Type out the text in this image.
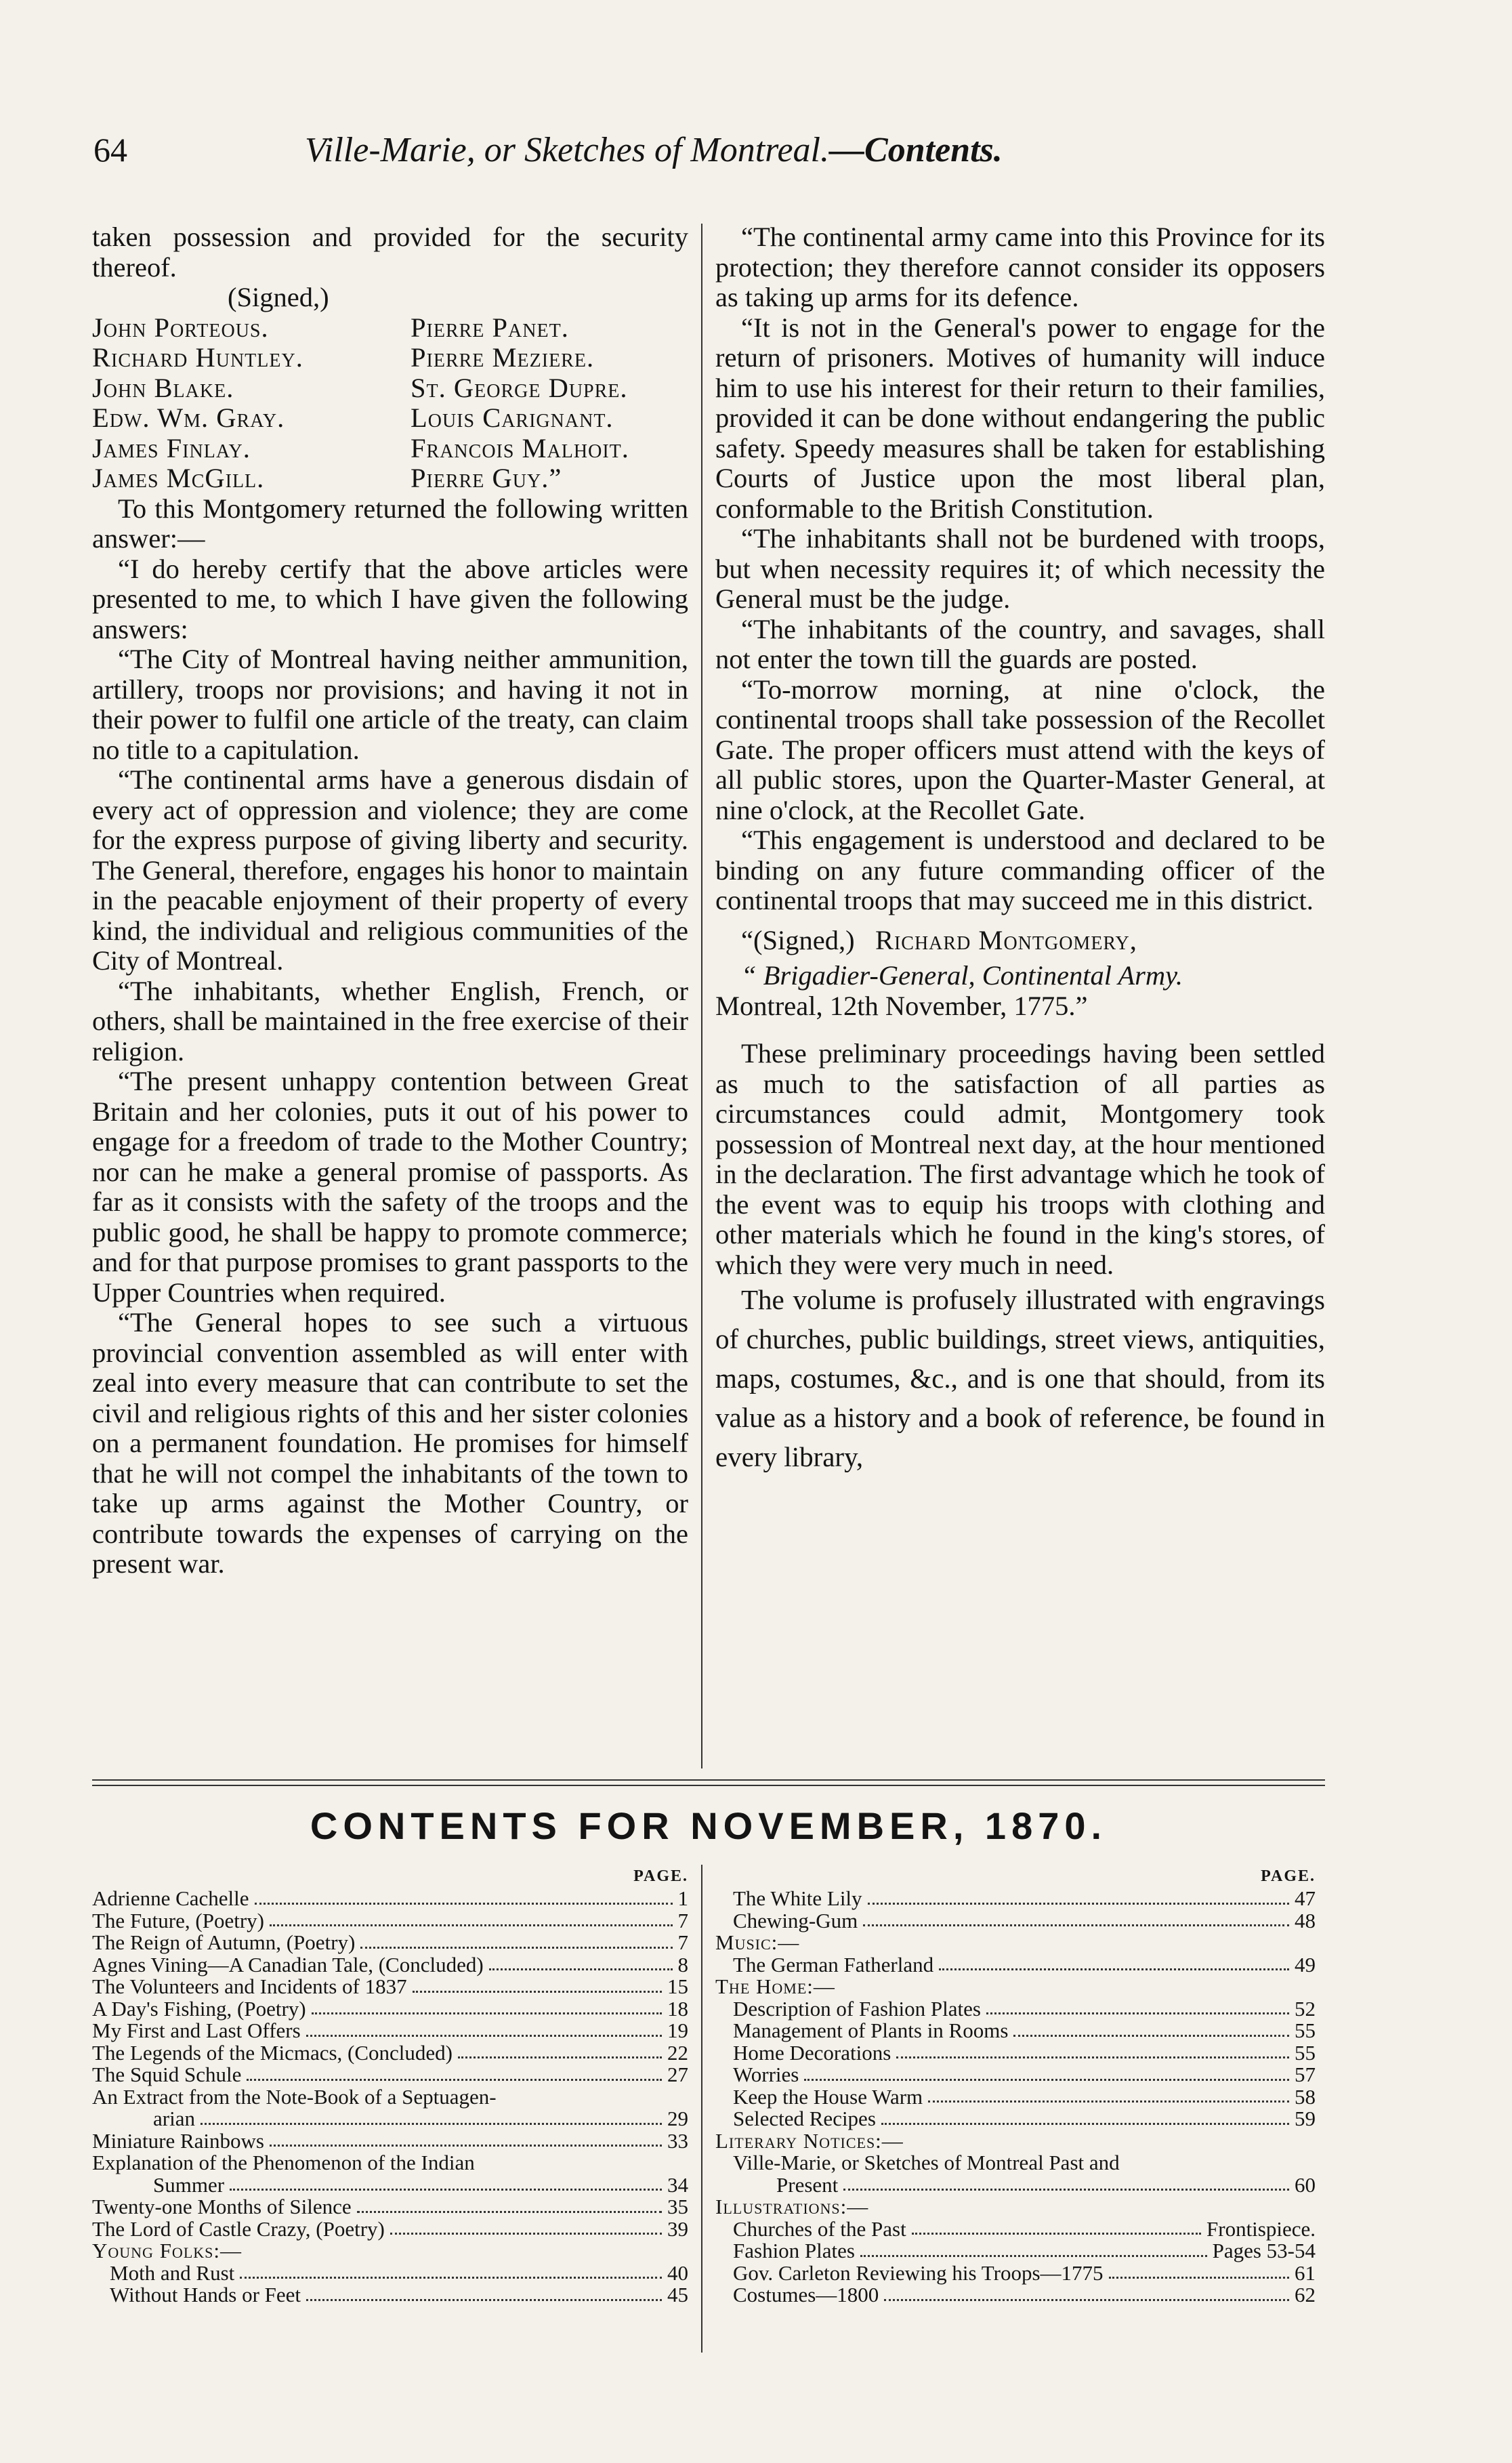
64	Ville-Marie, or Sketches of Montreal.—Contents.

taken possession and provided for the security thereof.

(Signed,)

John Porteous.	Pierre Panet.
Richard Huntley.	Pierre Meziere.
John Blake.	St. George Dupre.
Edw. Wm. Gray.	Louis Carignant.
James Finlay.	Francois Malhoit.
James McGill.	Pierre Guy.”

To this Montgomery returned the following written answer:—

“I do hereby certify that the above articles were presented to me, to which I have given the following answers:

“The City of Montreal having neither ammunition, artillery, troops nor provisions; and having it not in their power to fulfil one article of the treaty, can claim no title to a capitulation.

“The continental arms have a generous disdain of every act of oppression and violence; they are come for the express purpose of giving liberty and security. The General, therefore, engages his honor to maintain in the peacable enjoyment of their property of every kind, the individual and religious communities of the City of Montreal.

“The inhabitants, whether English, French, or others, shall be maintained in the free exercise of their religion.

“The present unhappy contention between Great Britain and her colonies, puts it out of his power to engage for a freedom of trade to the Mother Country; nor can he make a general promise of passports. As far as it consists with the safety of the troops and the public good, he shall be happy to promote commerce; and for that purpose promises to grant passports to the Upper Countries when required.

“The General hopes to see such a virtuous provincial convention assembled as will enter with zeal into every measure that can contribute to set the civil and religious rights of this and her sister colonies on a permanent foundation. He promises for himself that he will not compel the inhabitants of the town to take up arms against the Mother Country, or contribute towards the expenses of carrying on the present war.

“The continental army came into this Province for its protection; they therefore cannot consider its opposers as taking up arms for its defence.

“It is not in the General's power to engage for the return of prisoners. Motives of humanity will induce him to use his interest for their return to their families, provided it can be done without endangering the public safety. Speedy measures shall be taken for establishing Courts of Justice upon the most liberal plan, conformable to the British Constitution.

“The inhabitants shall not be burdened with troops, but when necessity requires it; of which necessity the General must be the judge.

“The inhabitants of the country, and savages, shall not enter the town till the guards are posted.

“To-morrow morning, at nine o'clock, the continental troops shall take possession of the Recollet Gate. The proper officers must attend with the keys of all public stores, upon the Quarter-Master General, at nine o'clock, at the Recollet Gate.

“This engagement is understood and declared to be binding on any future commanding officer of the continental troops that may succeed me in this district.

“(Signed,) Richard Montgomery,

“ Brigadier-General, Continental Army.

Montreal, 12th November, 1775.”

These preliminary proceedings having been settled as much to the satisfaction of all parties as circumstances could admit, Montgomery took possession of Montreal next day, at the hour mentioned in the declaration. The first advantage which he took of the event was to equip his troops with clothing and other materials which he found in the king's stores, of which they were very much in need.

The volume is profusely illustrated with engravings of churches, public buildings, street views, antiquities, maps, costumes, &c., and is one that should, from its value as a history and a book of reference, be found in every library,

CONTENTS FOR NOVEMBER, 1870.
PAGE.
Adrienne Cachelle	1
The Future, (Poetry)	7
The Reign of Autumn, (Poetry)	7
Agnes Vining—A Canadian Tale, (Concluded)	8
The Volunteers and Incidents of 1837	15
A Day's Fishing, (Poetry)	18
My First and Last Offers	19
The Legends of the Micmacs, (Concluded)	22
The Squid Schule	27
An Extract from the Note-Book of a Septuagen-
arian	29
Miniature Rainbows	33
Explanation of the Phenomenon of the Indian
Summer	34
Twenty-one Months of Silence	35
The Lord of Castle Crazy, (Poetry)	39
Young Folks:—
Moth and Rust	40
Without Hands or Feet	45
PAGE.
The White Lily	47
Chewing-Gum	48
Music:—
The German Fatherland	49
The Home:—
Description of Fashion Plates	52
Management of Plants in Rooms	55
Home Decorations	55
Worries	57
Keep the House Warm	58
Selected Recipes	59
Literary Notices:—
Ville-Marie, or Sketches of Montreal Past and
Present	60
Illustrations:—
Churches of the Past	Frontispiece.
Fashion Plates	Pages 53-54
Gov. Carleton Reviewing his Troops—1775	61
Costumes—1800	62
